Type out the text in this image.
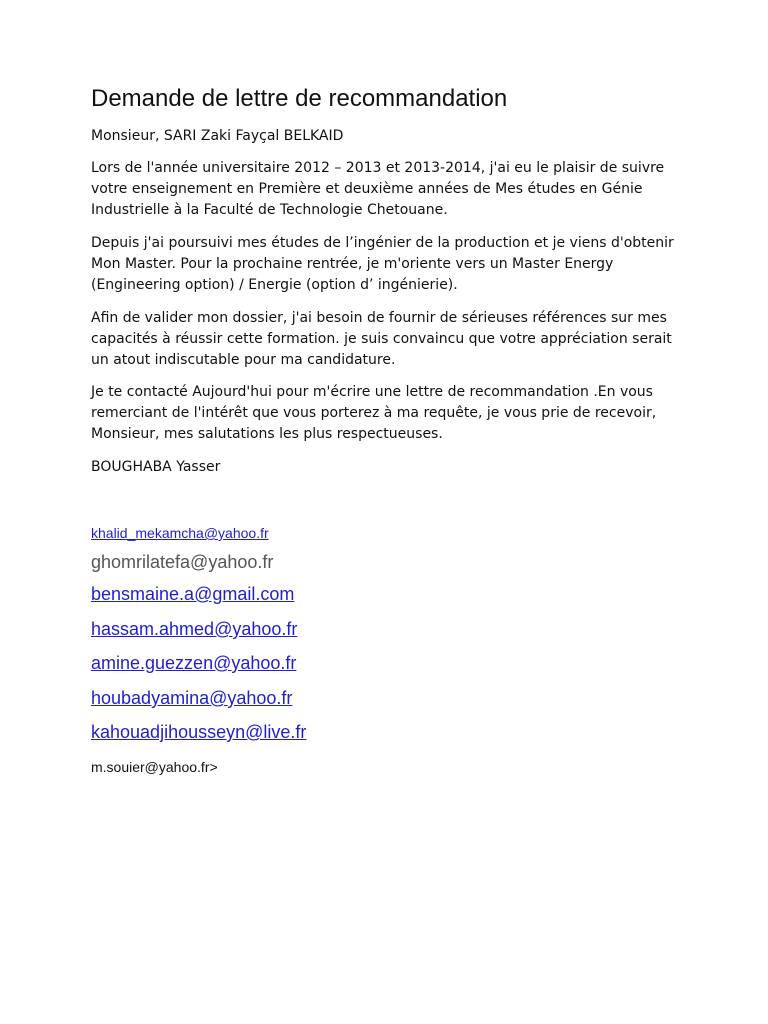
Demande de lettre de recommandation

Monsieur, SARI Zaki Fayçal BELKAID

Lors de l'année universitaire 2012 – 2013 et 2013-2014, j'ai eu le plaisir de suivre votre enseignement en Première et deuxième années de Mes études en Génie Industrielle à la Faculté de Technologie Chetouane.

Depuis j'ai poursuivi mes études de l’ingénier de la production et je viens d'obtenir Mon Master. Pour la prochaine rentrée, je m'oriente vers un Master Energy (Engineering option) / Energie (option d’ ingénierie).

Afin de valider mon dossier, j'ai besoin de fournir de sérieuses références sur mes capacités à réussir cette formation. je suis convaincu que votre appréciation serait un atout indiscutable pour ma candidature.

Je te contacté Aujourd'hui pour m'écrire une lettre de recommandation .En vous remerciant de l'intérêt que vous porterez à ma requête, je vous prie de recevoir, Monsieur, mes salutations les plus respectueuses.

BOUGHABA Yasser

khalid_mekamcha@yahoo.fr
ghomrilatefa@yahoo.fr
bensmaine.a@gmail.com
hassam.ahmed@yahoo.fr
amine.guezzen@yahoo.fr
houbadyamina@yahoo.fr
kahouadjihousseyn@live.fr
m.souier@yahoo.fr>
